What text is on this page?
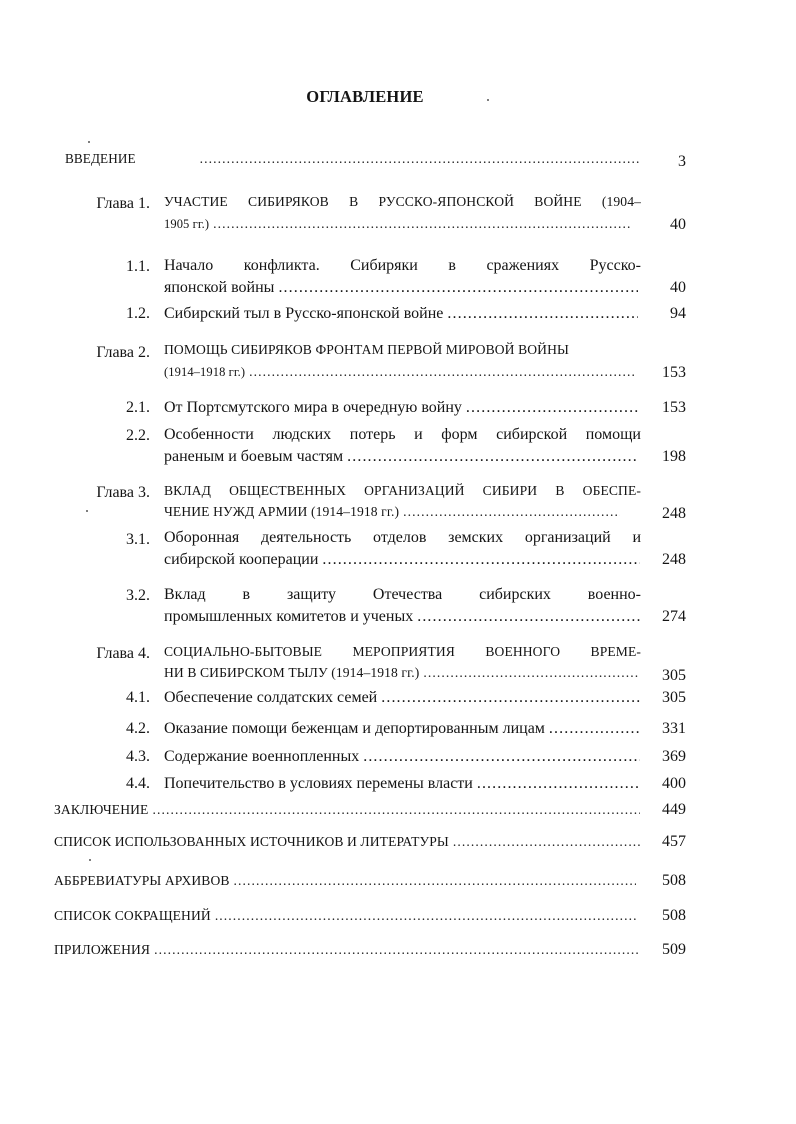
ОГЛАВЛЕНИЕ
ВВЕДЕНИЕ .....	3
Глава 1. УЧАСТИЕ СИБИРЯКОВ В РУССКО-ЯПОНСКОЙ ВОЙНЕ (1904–
1905 гг.) .....	40
1.1. Начало конфликта. Сибиряки в сражениях Русско-
японской войны .....	40
1.2. Сибирский тыл в Русско-японской войне .....	94
Глава 2. ПОМОЩЬ СИБИРЯКОВ ФРОНТАМ ПЕРВОЙ МИРОВОЙ ВОЙНЫ
(1914–1918 гг.) .....	153
2.1. От Портсмутского мира в очередную войну .....	153
2.2. Особенности людских потерь и форм сибирской помощи
раненым и боевым частям .....	198
Глава 3. ВКЛАД ОБЩЕСТВЕННЫХ ОРГАНИЗАЦИЙ СИБИРИ В ОБЕСПЕ-
ЧЕНИЕ НУЖД АРМИИ (1914–1918 гг.) .....	248
3.1. Оборонная деятельность отделов земских организаций и
сибирской кооперации .....	248
3.2. Вклад в защиту Отечества сибирских военно-
промышленных комитетов и ученых .....	274
Глава 4. СОЦИАЛЬНО-БЫТОВЫЕ МЕРОПРИЯТИЯ ВОЕННОГО ВРЕМЕ-
НИ В СИБИРСКОМ ТЫЛУ (1914–1918 гг.) .....	305
4.1. Обеспечение солдатских семей .....	305
4.2. Оказание помощи беженцам и депортированным лицам .....	331
4.3. Содержание военнопленных .....	369
4.4. Попечительство в условиях перемены власти .....	400
ЗАКЛЮЧЕНИЕ .....	449
СПИСОК ИСПОЛЬЗОВАННЫХ ИСТОЧНИКОВ И ЛИТЕРАТУРЫ .....	457
АББРЕВИАТУРЫ АРХИВОВ .....	508
СПИСОК СОКРАЩЕНИЙ .....	508
ПРИЛОЖЕНИЯ .....	509
